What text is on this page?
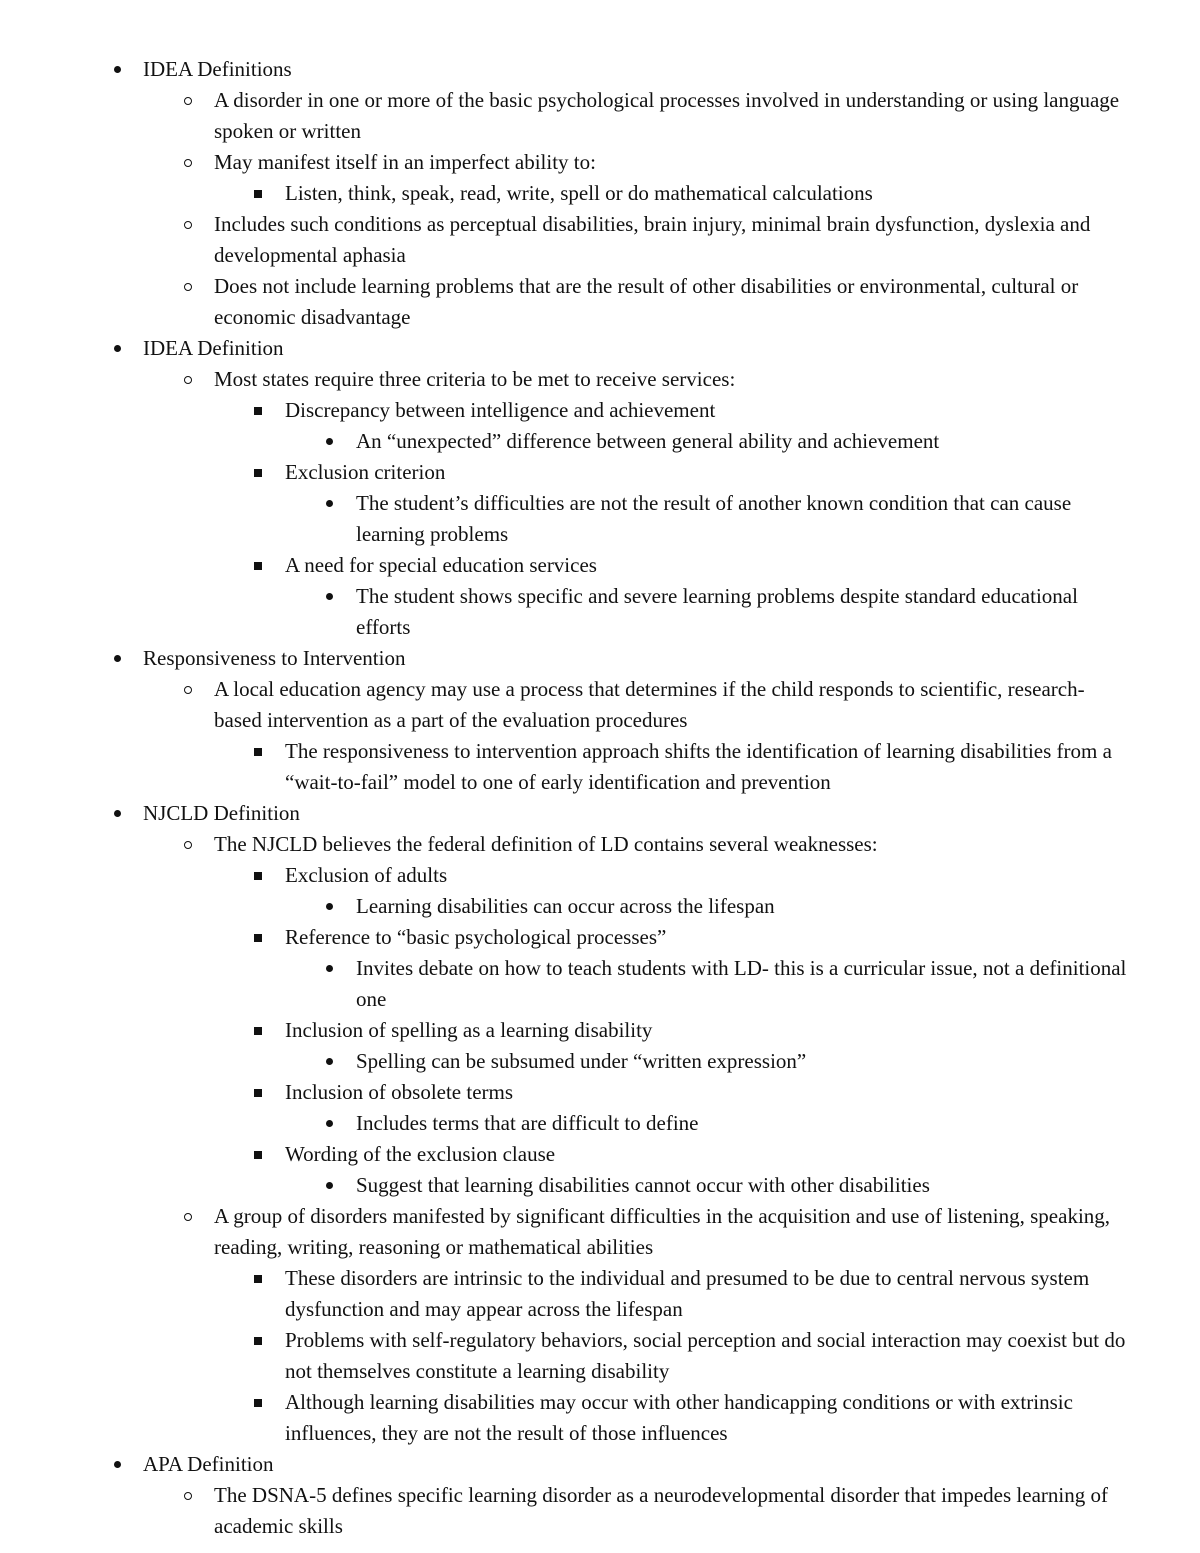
IDEA Definitions
A disorder in one or more of the basic psychological processes involved in understanding or using language spoken or written
May manifest itself in an imperfect ability to:
Listen, think, speak, read, write, spell or do mathematical calculations
Includes such conditions as perceptual disabilities, brain injury, minimal brain dysfunction, dyslexia and developmental aphasia
Does not include learning problems that are the result of other disabilities or environmental, cultural or economic disadvantage
IDEA Definition
Most states require three criteria to be met to receive services:
Discrepancy between intelligence and achievement
An “unexpected” difference between general ability and achievement
Exclusion criterion
The student’s difficulties are not the result of another known condition that can cause learning problems
A need for special education services
The student shows specific and severe learning problems despite standard educational efforts
Responsiveness to Intervention
A local education agency may use a process that determines if the child responds to scientific, research-based intervention as a part of the evaluation procedures
The responsiveness to intervention approach shifts the identification of learning disabilities from a “wait-to-fail” model to one of early identification and prevention
NJCLD Definition
The NJCLD believes the federal definition of LD contains several weaknesses:
Exclusion of adults
Learning disabilities can occur across the lifespan
Reference to “basic psychological processes”
Invites debate on how to teach students with LD- this is a curricular issue, not a definitional one
Inclusion of spelling as a learning disability
Spelling can be subsumed under “written expression”
Inclusion of obsolete terms
Includes terms that are difficult to define
Wording of the exclusion clause
Suggest that learning disabilities cannot occur with other disabilities
A group of disorders manifested by significant difficulties in the acquisition and use of listening, speaking, reading, writing, reasoning or mathematical abilities
These disorders are intrinsic to the individual and presumed to be due to central nervous system dysfunction and may appear across the lifespan
Problems with self-regulatory behaviors, social perception and social interaction may coexist but do not themselves constitute a learning disability
Although learning disabilities may occur with other handicapping conditions or with extrinsic influences, they are not the result of those influences
APA Definition
The DSNA-5 defines specific learning disorder as a neurodevelopmental disorder that impedes learning of academic skills
